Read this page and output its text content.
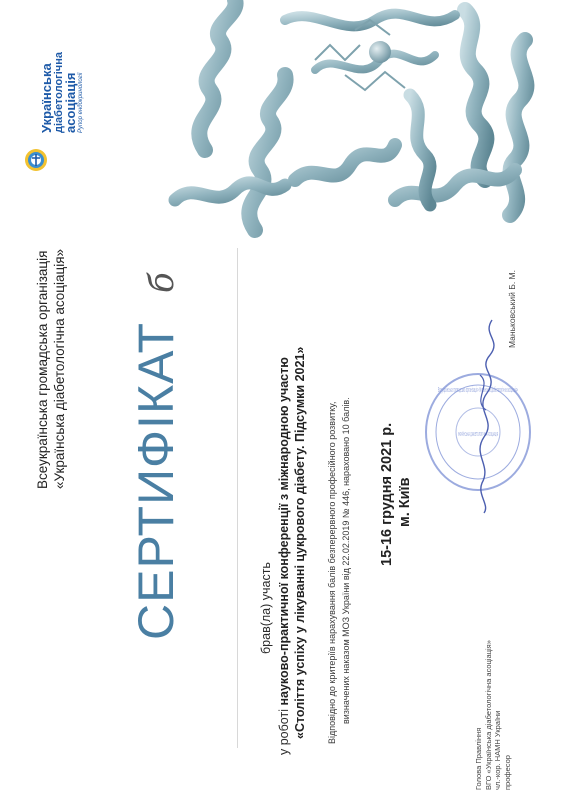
Українська діабетологічна
асоціація Рупор ендокринології
Всеукраїнська громадська організація «Українська діабетологічна асоціація» СЕРТИФІКАТ б
брав(ла) участь
у роботі науково-практичної конференції з міжнародною участю «Століття успіху у лікуванні цукрового діабету. Підсумки 2021» Відповідно до критеріїв нарахування балів безперервного професійного розвитку, визначених наказом МОЗ України від 22.02.2019 № 446, нараховано 10 балів. 15-16 грудня 2021 р. м. Київ
Всеукраїнська громадська організація «Українська діабетологічна асоціація»
УКРАЇНСЬКА ДІАБЕТОЛОГІЧНА АСОЦІАЦІЯ
Голова Правління ВГО «Українська діабетологічна асоціація» чл.-кор. НАМН України професор
Маньковський Б. М.
